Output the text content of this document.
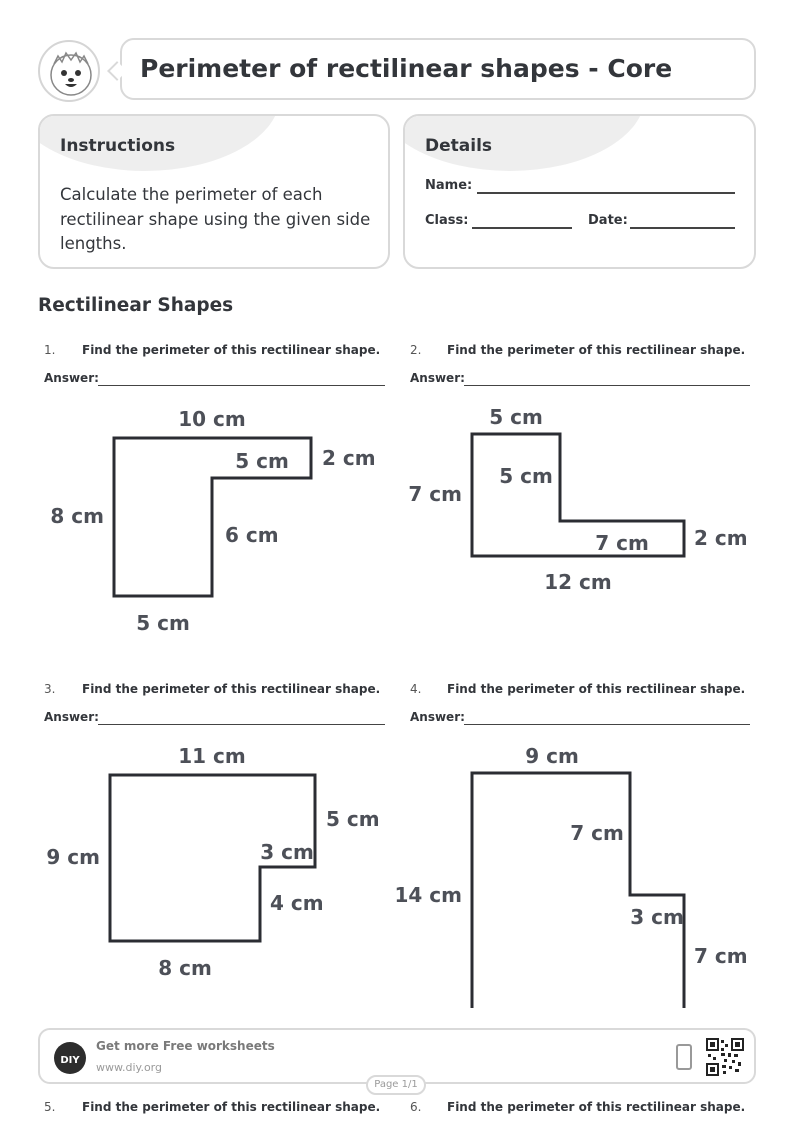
Perimeter of rectilinear shapes - Core
Instructions
Calculate the perimeter of each rectilinear shape using the given side lengths.
Details
Name:
Class:	Date:
Rectilinear Shapes
1. Find the perimeter of this rectilinear shape.
Answer:
2. Find the perimeter of this rectilinear shape.
Answer:
3. Find the perimeter of this rectilinear shape.
Answer:
4. Find the perimeter of this rectilinear shape.
Answer:
10 cm
5 cm 2 cm
8 cm
6 cm
5 cm
5 cm
5 cm
7 cm
7 cm 2 cm
12 cm
11 cm
5 cm
9 cm	3 cm
4 cm
8 cm
9 cm
7 cm
14 cm
3 cm
7 cm
5. Find the perimeter of this rectilinear shape. 6. Find the perimeter of this rectilinear shape.
DIY
Get more Free worksheets
www.diy.org
Page 1/1
